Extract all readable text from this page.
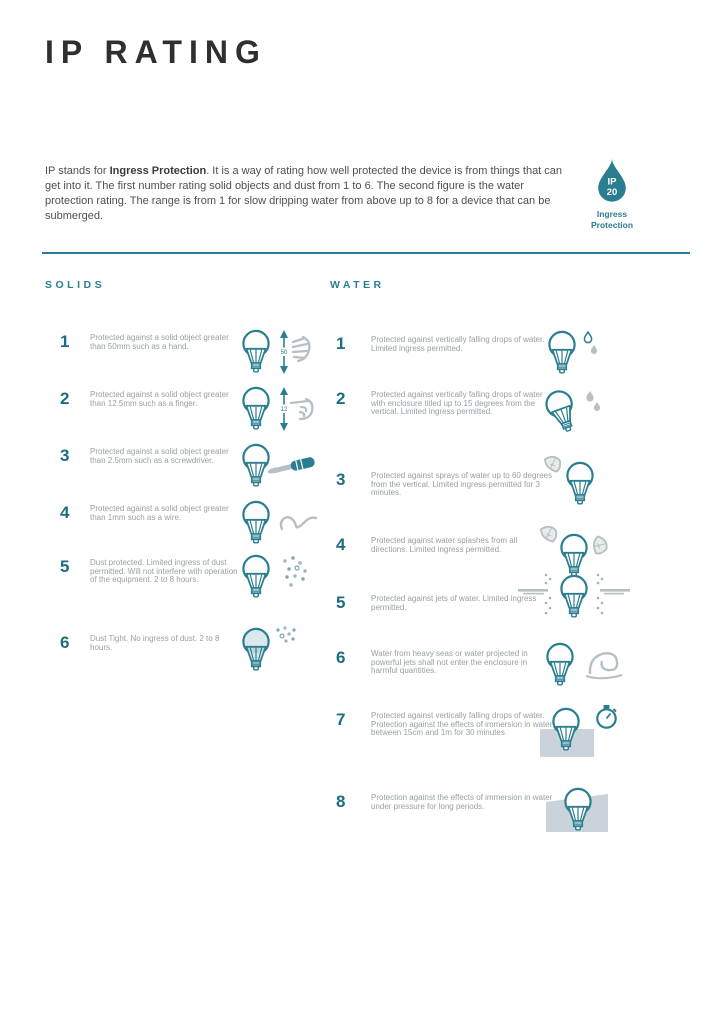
IP RATING

IP stands for Ingress Protection. It is a way of rating how well protected the device is from things that can get into it. The first number rating solid objects and dust from 1 to 6. The second figure is the water protection rating. The range is from 1 for slow dripping water from above up to 8 for a device that can be submerged.

IP
20
Ingress
Protection
SOLIDS	WATER
1	Protected against a solid object greater than 50mm such as a hand.
50
2	Protected against a solid object greater than 12.5mm such as a finger.
12
3	Protected against a solid object greater than 2.5mm such as a screwdriver.
4	Protected against a solid object greater than 1mm such as a wire.
5	Dust protected. Limited ingress of dust permitted. Will not interfere with operation of the equipment. 2 to 8 hours.
6	Dust Tight. No ingress of dust. 2 to 8 hours.
1	Protected against vertically falling drops of water. Limited ingress permitted.
2	Protected against vertically falling drops of water with enclosure titled up to 15 degrees from the vertical. Limited ingress permitted.
3	Protected against sprays of water up to 60 degrees from the vertical. Limited ingress permitted for 3 minutes.
4	Protected against water splashes from all directions. Limited ingress permitted.
5	Protected against jets of water. Limited ingress permitted.
6	Water from heavy seas or water projected in powerful jets shall not enter the enclosure in harmful quantities.
7	Protected against vertically falling drops of water. Protection against the effects of immersion in water between 15cm and 1m for 30 minutes
8	Protection against the effects of immersion in water under pressure for long periods.
